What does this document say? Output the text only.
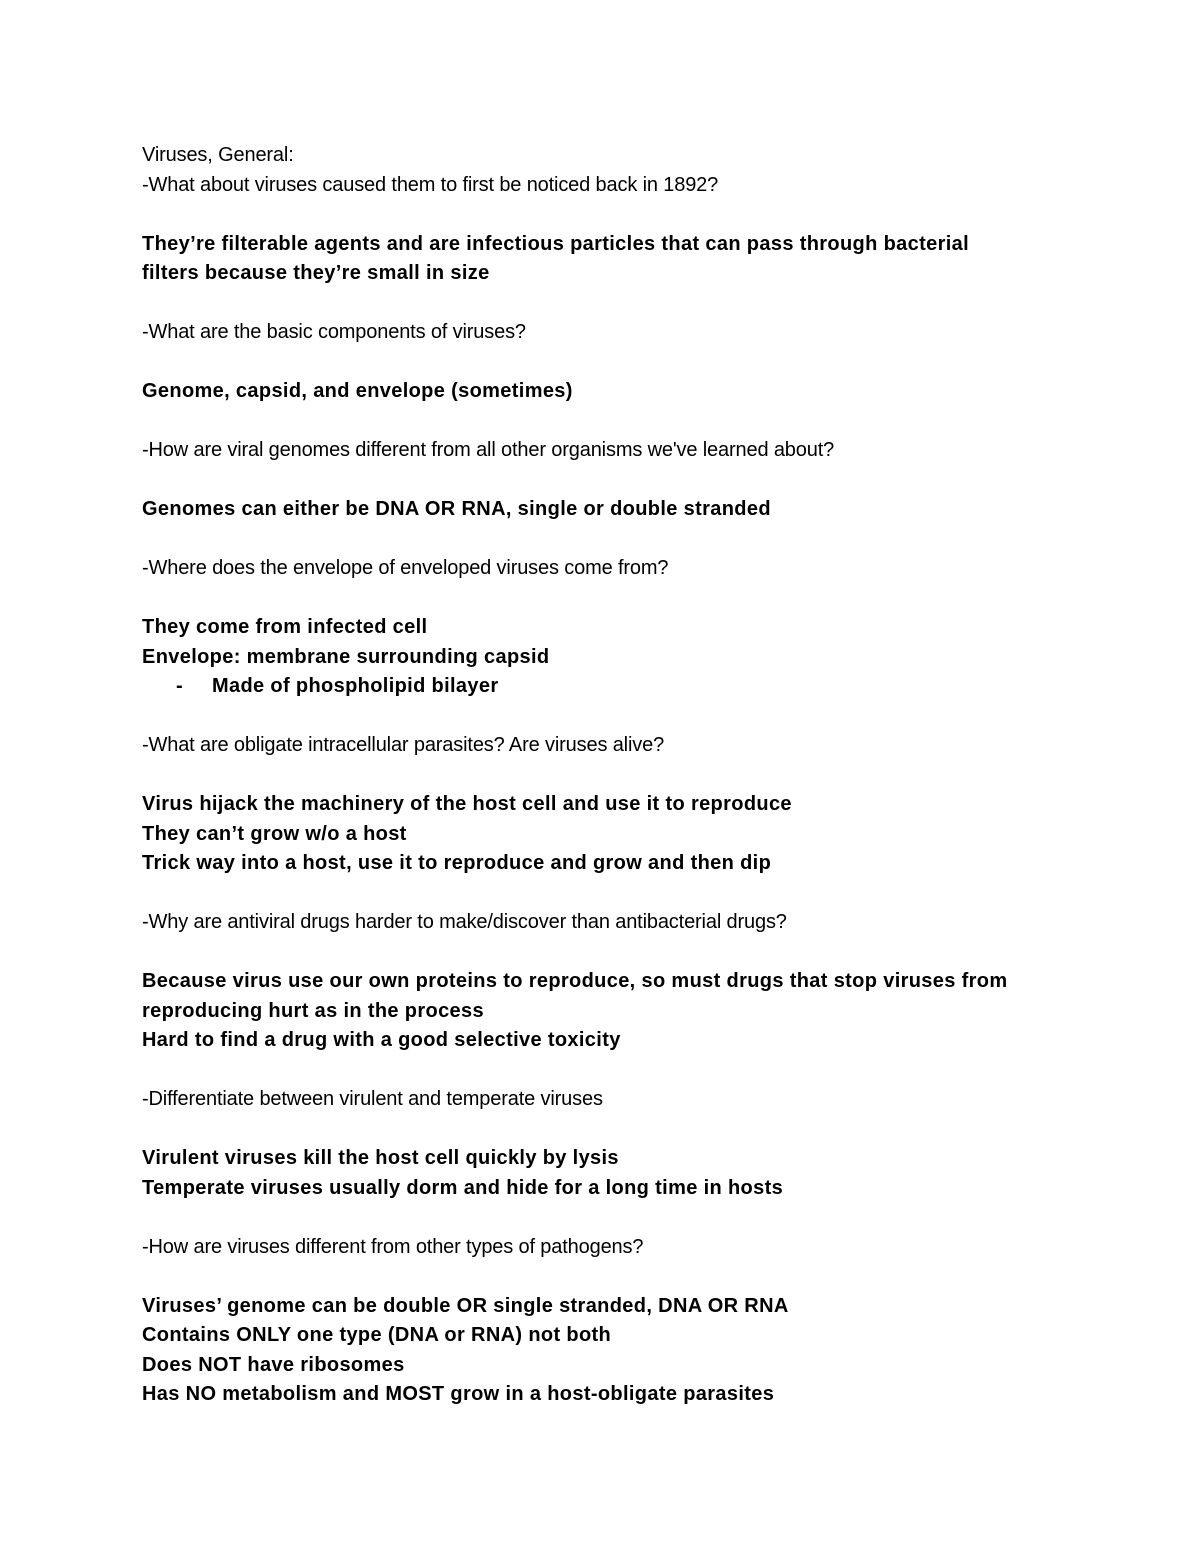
Viruses, General:
-What about viruses caused them to first be noticed back in 1892?
They’re filterable agents and are infectious particles that can pass through bacterial
filters because they’re small in size
-What are the basic components of viruses?
Genome, capsid, and envelope (sometimes)
-How are viral genomes different from all other organisms we've learned about?
Genomes can either be DNA OR RNA, single or double stranded
-Where does the envelope of enveloped viruses come from?
They come from infected cell
Envelope: membrane surrounding capsid
-	Made of phospholipid bilayer
-What are obligate intracellular parasites? Are viruses alive?
Virus hijack the machinery of the host cell and use it to reproduce
They can’t grow w/o a host
Trick way into a host, use it to reproduce and grow and then dip
-Why are antiviral drugs harder to make/discover than antibacterial drugs?
Because virus use our own proteins to reproduce, so must drugs that stop viruses from
reproducing hurt as in the process
Hard to find a drug with a good selective toxicity
-Differentiate between virulent and temperate viruses
Virulent viruses kill the host cell quickly by lysis
Temperate viruses usually dorm and hide for a long time in hosts
-How are viruses different from other types of pathogens?
Viruses’ genome can be double OR single stranded, DNA OR RNA
Contains ONLY one type (DNA or RNA) not both
Does NOT have ribosomes
Has NO metabolism and MOST grow in a host-obligate parasites
